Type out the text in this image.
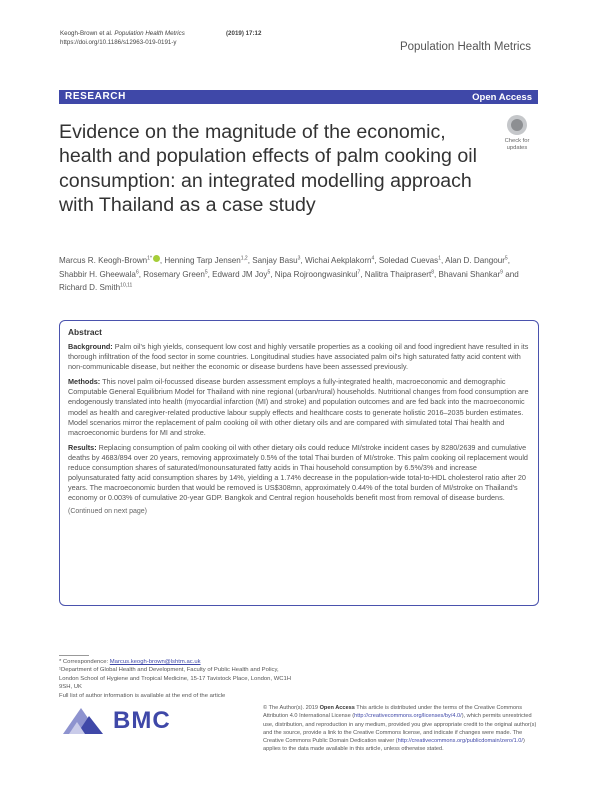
Keogh-Brown et al. Population Health Metrics
https://doi.org/10.1186/s12963-019-0191-y
(2019) 17:12
Population Health Metrics
RESEARCH	Open Access
Evidence on the magnitude of the economic, health and population effects of palm cooking oil consumption: an integrated modelling approach with Thailand as a case study
Check for
updates
Marcus R. Keogh-Brown$^{1*}$ , Henning Tarp Jensen$^{1,2}$, Sanjay Basu$^3$, Wichai Aekplakorn$^4$, Soledad Cuevas$^1$, Alan D. Dangour$^5$, Shabbir H. Gheewala$^6$, Rosemary Green$^5$, Edward JM Joy$^5$, Nipa Rojroongwasinkul$^7$, Nalitra Thaiprasert$^8$, Bhavani Shankar$^9$ and Richard D. Smith$^{10,11}$
Abstract

Background: Palm oil's high yields, consequent low cost and highly versatile properties as a cooking oil and food ingredient have resulted in its thorough infiltration of the food sector in some countries. Longitudinal studies have associated palm oil's high saturated fatty acid content with non-communicable disease, but neither the economic or disease burdens have been assessed previously.

Methods: This novel palm oil-focussed disease burden assessment employs a fully-integrated health, macroeconomic and demographic Computable General Equilibrium Model for Thailand with nine regional (urban/rural) households. Nutritional changes from food consumption are endogenously translated into health (myocardial infarction (MI) and stroke) and population outcomes and are fed back into the macroeconomic model as health and caregiver-related productive labour supply effects and healthcare costs to generate holistic 2016–2035 burden estimates. Model scenarios mirror the replacement of palm cooking oil with other dietary oils and are compared with simulated total Thai health and macroeconomic burdens for MI and stroke.

Results: Replacing consumption of palm cooking oil with other dietary oils could reduce MI/stroke incident cases by 8280/2639 and cumulative deaths by 4683/894 over 20 years, removing approximately 0.5% of the total Thai burden of MI/stroke. This palm cooking oil replacement would reduce consumption shares of saturated/monounsaturated fatty acids in Thai household consumption by 6.5%/3% and increase polyunsaturated fatty acid consumption shares by 14%, yielding a 1.74% decrease in the population-wide total-to-HDL cholesterol ratio after 20 years. The macroeconomic burden that would be removed is US$308mn, approximately 0.44% of the total burden of MI/stroke on Thailand's economy or 0.003% of cumulative 20-year GDP. Bangkok and Central region households benefit most from removal of disease burdens.

(Continued on next page)
* Correspondence: Marcus.keogh-brown@lshtm.ac.uk
¹Department of Global Health and Development, Faculty of Public Health and Policy, London School of Hygiene and Tropical Medicine, 15-17 Tavistock Place, London, WC1H 9SH, UK
Full list of author information is available at the end of the article
BMC	© The Author(s). 2019 Open Access This article is distributed under the terms of the Creative Commons Attribution 4.0 International License (http://creativecommons.org/licenses/by/4.0/), which permits unrestricted use, distribution, and reproduction in any medium, provided you give appropriate credit to the original author(s) and the source, provide a link to the Creative Commons license, and indicate if changes were made. The Creative Commons Public Domain Dedication waiver (http://creativecommons.org/publicdomain/zero/1.0/) applies to the data made available in this article, unless otherwise stated.
